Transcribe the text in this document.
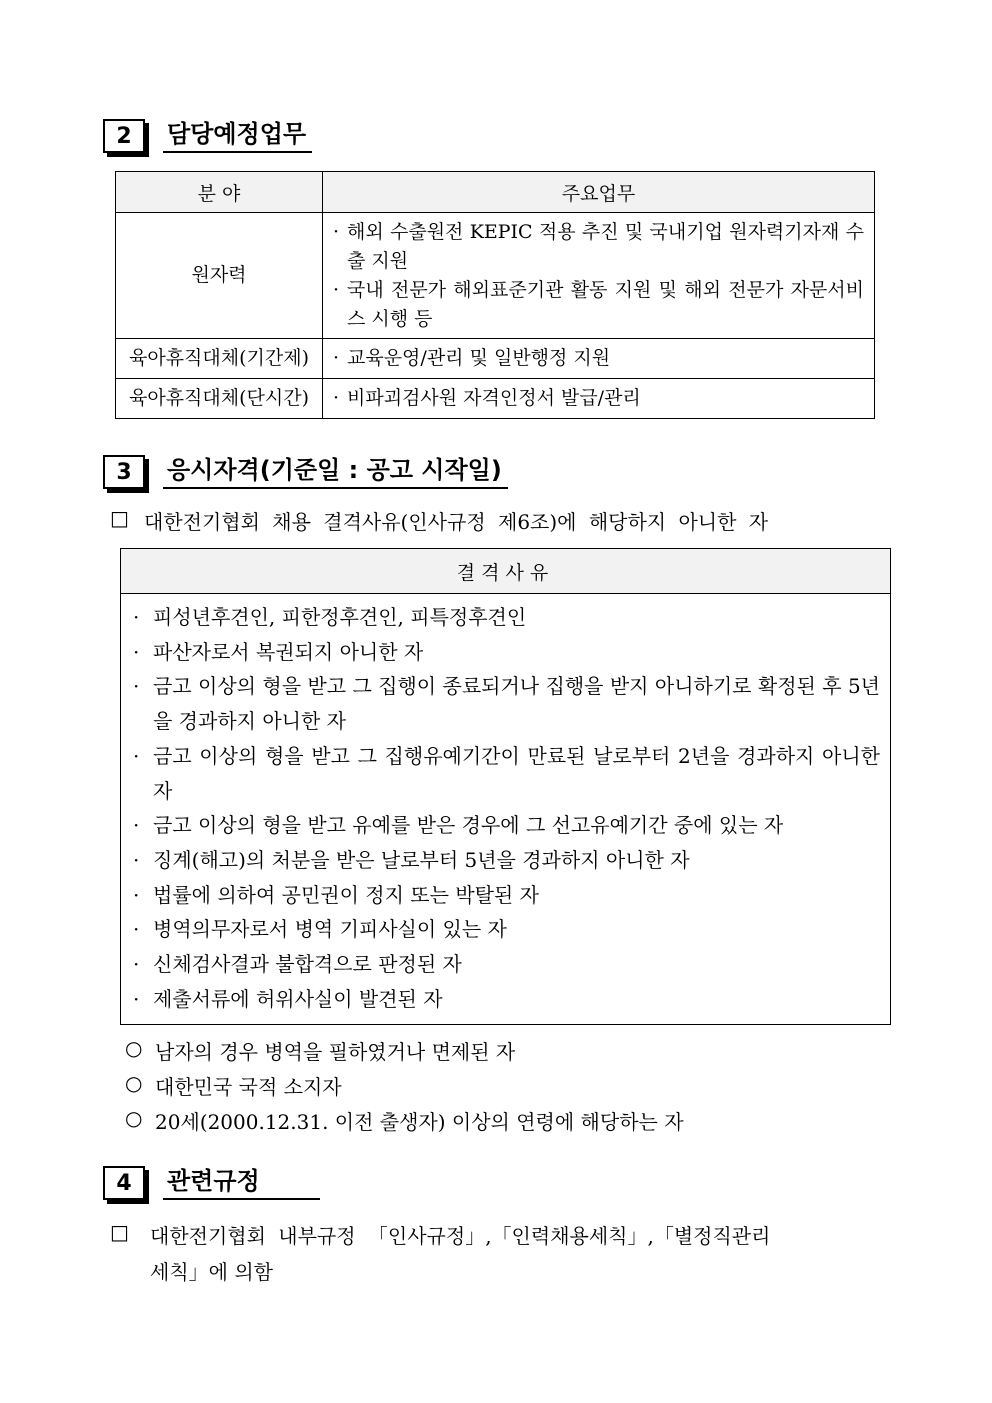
2	담당예정업무
분 야	주요업무
원자력	· 해외 수출원전 KEPIC 적용 추진 및 국내기업 원자력기자재 수출 지원
· 국내 전문가 해외표준기관 활동 지원 및 해외 전문가 자문서비스 시행 등

육아휴직대체(기간제)	· 교육운영/관리 및 일반행정 지원

육아휴직대체(단시간)	· 비파괴검사원 자격인정서 발급/관리
3	응시자격(기준일 : 공고 시작일)
□ 대한전기협회 채용 결격사유(인사규정 제6조)에 해당하지 아니한 자
결격사유
· 피성년후견인, 피한정후견인, 피특정후견인
· 파산자로서 복권되지 아니한 자
· 금고 이상의 형을 받고 그 집행이 종료되거나 집행을 받지 아니하기로 확정된 후 5년을 경과하지 아니한 자
· 금고 이상의 형을 받고 그 집행유예기간이 만료된 날로부터 2년을 경과하지 아니한 자
· 금고 이상의 형을 받고 유예를 받은 경우에 그 선고유예기간 중에 있는 자
· 징계(해고)의 처분을 받은 날로부터 5년을 경과하지 아니한 자
· 법률에 의하여 공민권이 정지 또는 박탈된 자
· 병역의무자로서 병역 기피사실이 있는 자
· 신체검사결과 불합격으로 판정된 자
· 제출서류에 허위사실이 발견된 자
○ 남자의 경우 병역을 필하였거나 면제된 자
○ 대한민국 국적 소지자
○ 20세(2000.12.31. 이전 출생자) 이상의 연령에 해당하는 자
4	관련규정
□	대한전기협회 내부규정 「인사규정」,「인력채용세칙」,「별정직관리
세칙」에 의함
